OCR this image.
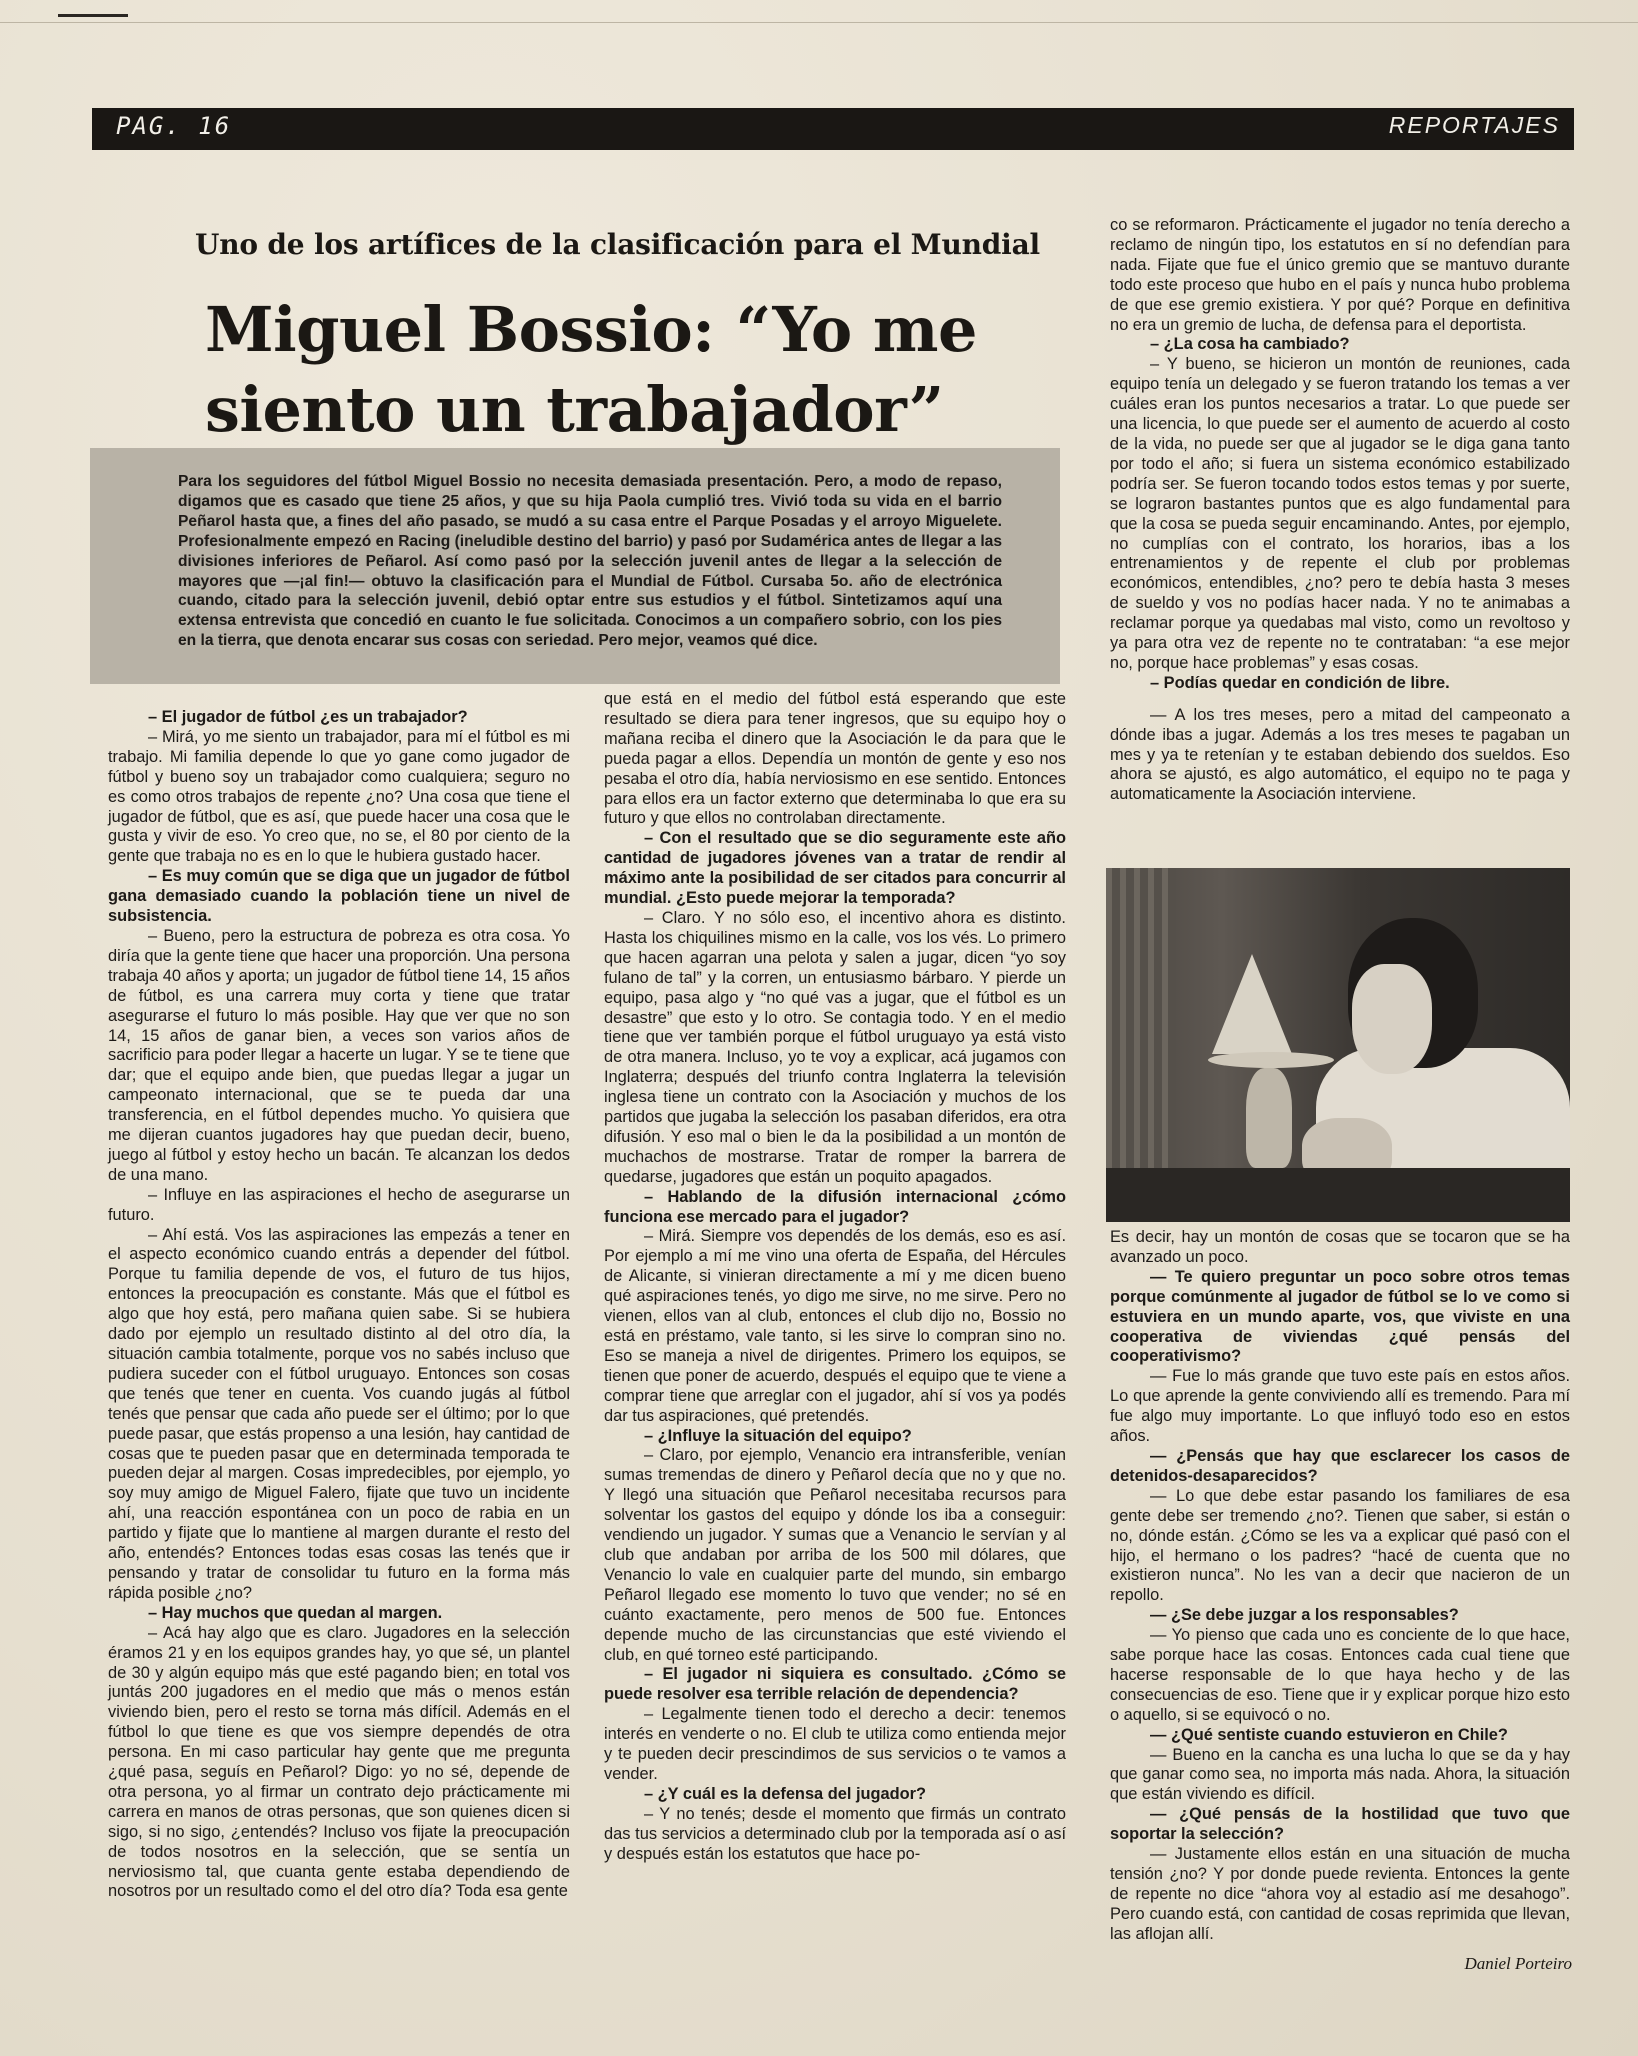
PAG. 16	REPORTAJES
Uno de los artífices de la clasificación para el Mundial
Miguel Bossio: “Yo me
siento un trabajador”
Para los seguidores del fútbol Miguel Bossio no necesita demasiada presentación. Pero, a modo de repaso, digamos que es casado que tiene 25 años, y que su hija Paola cumplió tres. Vivió toda su vida en el barrio Peñarol hasta que, a fines del año pasado, se mudó a su casa entre el Parque Posadas y el arroyo Miguelete. Profesionalmente empezó en Racing (ineludible destino del barrio) y pasó por Sudamérica antes de llegar a las divisiones inferiores de Peñarol. Así como pasó por la selección juvenil antes de llegar a la selección de mayores que —¡al fin!— obtuvo la clasificación para el Mundial de Fútbol. Cursaba 5o. año de electrónica cuando, citado para la selección juvenil, debió optar entre sus estudios y el fútbol. Sintetizamos aquí una extensa entrevista que concedió en cuanto le fue solicitada. Conocimos a un compañero sobrio, con los pies en la tierra, que denota encarar sus cosas con seriedad. Pero mejor, veamos qué dice.

– El jugador de fútbol ¿es un trabajador?

– Mirá, yo me siento un trabajador, para mí el fútbol es mi trabajo. Mi familia depende lo que yo gane como jugador de fútbol y bueno soy un trabajador como cualquiera; seguro no es como otros trabajos de repente ¿no? Una cosa que tiene el jugador de fútbol, que es así, que puede hacer una cosa que le gusta y vivir de eso. Yo creo que, no se, el 80 por ciento de la gente que trabaja no es en lo que le hubiera gustado hacer.

– Es muy común que se diga que un jugador de fútbol gana demasiado cuando la población tiene un nivel de subsistencia.

– Bueno, pero la estructura de pobreza es otra cosa. Yo diría que la gente tiene que hacer una proporción. Una persona trabaja 40 años y aporta; un jugador de fútbol tiene 14, 15 años de fútbol, es una carrera muy corta y tiene que tratar asegurarse el futuro lo más posible. Hay que ver que no son 14, 15 años de ganar bien, a veces son varios años de sacrificio para poder llegar a hacerte un lugar. Y se te tiene que dar; que el equipo ande bien, que puedas llegar a jugar un campeonato internacional, que se te pueda dar una transferencia, en el fútbol dependes mucho. Yo quisiera que me dijeran cuantos jugadores hay que puedan decir, bueno, juego al fútbol y estoy hecho un bacán. Te alcanzan los dedos de una mano.

– Influye en las aspiraciones el hecho de asegurarse un futuro.

– Ahí está. Vos las aspiraciones las empezás a tener en el aspecto económico cuando entrás a depender del fútbol. Porque tu familia depende de vos, el futuro de tus hijos, entonces la preocupación es constante. Más que el fútbol es algo que hoy está, pero mañana quien sabe. Si se hubiera dado por ejemplo un resultado distinto al del otro día, la situación cambia totalmente, porque vos no sabés incluso que pudiera suceder con el fútbol uruguayo. Entonces son cosas que tenés que tener en cuenta. Vos cuando jugás al fútbol tenés que pensar que cada año puede ser el último; por lo que puede pasar, que estás propenso a una lesión, hay cantidad de cosas que te pueden pasar que en determinada temporada te pueden dejar al margen. Cosas impredecibles, por ejemplo, yo soy muy amigo de Miguel Falero, fijate que tuvo un incidente ahí, una reacción espontánea con un poco de rabia en un partido y fijate que lo mantiene al margen durante el resto del año, entendés? Entonces todas esas cosas las tenés que ir pensando y tratar de consolidar tu futuro en la forma más rápida posible ¿no?

– Hay muchos que quedan al margen.

– Acá hay algo que es claro. Jugadores en la selección éramos 21 y en los equipos grandes hay, yo que sé, un plantel de 30 y algún equipo más que esté pagando bien; en total vos juntás 200 jugadores en el medio que más o menos están viviendo bien, pero el resto se torna más difícil. Además en el fútbol lo que tiene es que vos siempre dependés de otra persona. En mi caso particular hay gente que me pregunta ¿qué pasa, seguís en Peñarol? Digo: yo no sé, depende de otra persona, yo al firmar un contrato dejo prácticamente mi carrera en manos de otras personas, que son quienes dicen si sigo, si no sigo, ¿entendés? Incluso vos fijate la preocupación de todos nosotros en la selección, que se sentía un nerviosismo tal, que cuanta gente estaba dependiendo de nosotros por un resultado como el del otro día? Toda esa gente

que está en el medio del fútbol está esperando que este resultado se diera para tener ingresos, que su equipo hoy o mañana reciba el dinero que la Asociación le da para que le pueda pagar a ellos. Dependía un montón de gente y eso nos pesaba el otro día, había nerviosismo en ese sentido. Entonces para ellos era un factor externo que determinaba lo que era su futuro y que ellos no controlaban directamente.

– Con el resultado que se dio seguramente este año cantidad de jugadores jóvenes van a tratar de rendir al máximo ante la posibilidad de ser citados para concurrir al mundial. ¿Esto puede mejorar la temporada?

– Claro. Y no sólo eso, el incentivo ahora es distinto. Hasta los chiquilines mismo en la calle, vos los vés. Lo primero que hacen agarran una pelota y salen a jugar, dicen “yo soy fulano de tal” y la corren, un entusiasmo bárbaro. Y pierde un equipo, pasa algo y “no qué vas a jugar, que el fútbol es un desastre” que esto y lo otro. Se contagia todo. Y en el medio tiene que ver también porque el fútbol uruguayo ya está visto de otra manera. Incluso, yo te voy a explicar, acá jugamos con Inglaterra; después del triunfo contra Inglaterra la televisión inglesa tiene un contrato con la Asociación y muchos de los partidos que jugaba la selección los pasaban diferidos, era otra difusión. Y eso mal o bien le da la posibilidad a un montón de muchachos de mostrarse. Tratar de romper la barrera de quedarse, jugadores que están un poquito apagados.

– Hablando de la difusión internacional ¿cómo funciona ese mercado para el jugador?

– Mirá. Siempre vos dependés de los demás, eso es así. Por ejemplo a mí me vino una oferta de España, del Hércules de Alicante, si vinieran directamente a mí y me dicen bueno qué aspiraciones tenés, yo digo me sirve, no me sirve. Pero no vienen, ellos van al club, entonces el club dijo no, Bossio no está en préstamo, vale tanto, si les sirve lo compran sino no. Eso se maneja a nivel de dirigentes. Primero los equipos, se tienen que poner de acuerdo, después el equipo que te viene a comprar tiene que arreglar con el jugador, ahí sí vos ya podés dar tus aspiraciones, qué pretendés.

– ¿Influye la situación del equipo?

– Claro, por ejemplo, Venancio era intransferible, venían sumas tremendas de dinero y Peñarol decía que no y que no. Y llegó una situación que Peñarol necesitaba recursos para solventar los gastos del equipo y dónde los iba a conseguir: vendiendo un jugador. Y sumas que a Venancio le servían y al club que andaban por arriba de los 500 mil dólares, que Venancio lo vale en cualquier parte del mundo, sin embargo Peñarol llegado ese momento lo tuvo que vender; no sé en cuánto exactamente, pero menos de 500 fue. Entonces depende mucho de las circunstancias que esté viviendo el club, en qué torneo esté participando.

– El jugador ni siquiera es consultado. ¿Cómo se puede resolver esa terrible relación de dependencia?

– Legalmente tienen todo el derecho a decir: tenemos interés en venderte o no. El club te utiliza como entienda mejor y te pueden decir prescindimos de sus servicios o te vamos a vender.

– ¿Y cuál es la defensa del jugador?

– Y no tenés; desde el momento que firmás un contrato das tus servicios a determinado club por la temporada así o así y después están los estatutos que hace po-

co se reformaron. Prácticamente el jugador no tenía derecho a reclamo de ningún tipo, los estatutos en sí no defendían para nada. Fijate que fue el único gremio que se mantuvo durante todo este proceso que hubo en el país y nunca hubo problema de que ese gremio existiera. Y por qué? Porque en definitiva no era un gremio de lucha, de defensa para el deportista.

– ¿La cosa ha cambiado?

– Y bueno, se hicieron un montón de reuniones, cada equipo tenía un delegado y se fueron tratando los temas a ver cuáles eran los puntos necesarios a tratar. Lo que puede ser una licencia, lo que puede ser el aumento de acuerdo al costo de la vida, no puede ser que al jugador se le diga gana tanto por todo el año; si fuera un sistema económico estabilizado podría ser. Se fueron tocando todos estos temas y por suerte, se lograron bastantes puntos que es algo fundamental para que la cosa se pueda seguir encaminando. Antes, por ejemplo, no cumplías con el contrato, los horarios, ibas a los entrenamientos y de repente el club por problemas económicos, entendibles, ¿no? pero te debía hasta 3 meses de sueldo y vos no podías hacer nada. Y no te animabas a reclamar porque ya quedabas mal visto, como un revoltoso y ya para otra vez de repente no te contrataban: “a ese mejor no, porque hace problemas” y esas cosas.

– Podías quedar en condición de libre.

— A los tres meses, pero a mitad del campeonato a dónde ibas a jugar. Además a los tres meses te pagaban un mes y ya te retenían y te estaban debiendo dos sueldos. Eso ahora se ajustó, es algo automático, el equipo no te paga y automaticamente la Asociación interviene.

Es decir, hay un montón de cosas que se tocaron que se ha avanzado un poco.

— Te quiero preguntar un poco sobre otros temas porque comúnmente al jugador de fútbol se lo ve como si estuviera en un mundo aparte, vos, que viviste en una cooperativa de viviendas ¿qué pensás del cooperativismo?

— Fue lo más grande que tuvo este país en estos años. Lo que aprende la gente conviviendo allí es tremendo. Para mí fue algo muy importante. Lo que influyó todo eso en estos años.

— ¿Pensás que hay que esclarecer los casos de detenidos-desaparecidos?

— Lo que debe estar pasando los familiares de esa gente debe ser tremendo ¿no?. Tienen que saber, si están o no, dónde están. ¿Cómo se les va a explicar qué pasó con el hijo, el hermano o los padres? “hacé de cuenta que no existieron nunca”. No les van a decir que nacieron de un repollo.

— ¿Se debe juzgar a los responsables?

— Yo pienso que cada uno es conciente de lo que hace, sabe porque hace las cosas. Entonces cada cual tiene que hacerse responsable de lo que haya hecho y de las consecuencias de eso. Tiene que ir y explicar porque hizo esto o aquello, si se equivocó o no.

— ¿Qué sentiste cuando estuvieron en Chile?

— Bueno en la cancha es una lucha lo que se da y hay que ganar como sea, no importa más nada. Ahora, la situación que están viviendo es difícil.

— ¿Qué pensás de la hostilidad que tuvo que soportar la selección?

— Justamente ellos están en una situación de mucha tensión ¿no? Y por donde puede revienta. Entonces la gente de repente no dice “ahora voy al estadio así me desahogo”. Pero cuando está, con cantidad de cosas reprimida que llevan, las aflojan allí.

Daniel Porteiro
